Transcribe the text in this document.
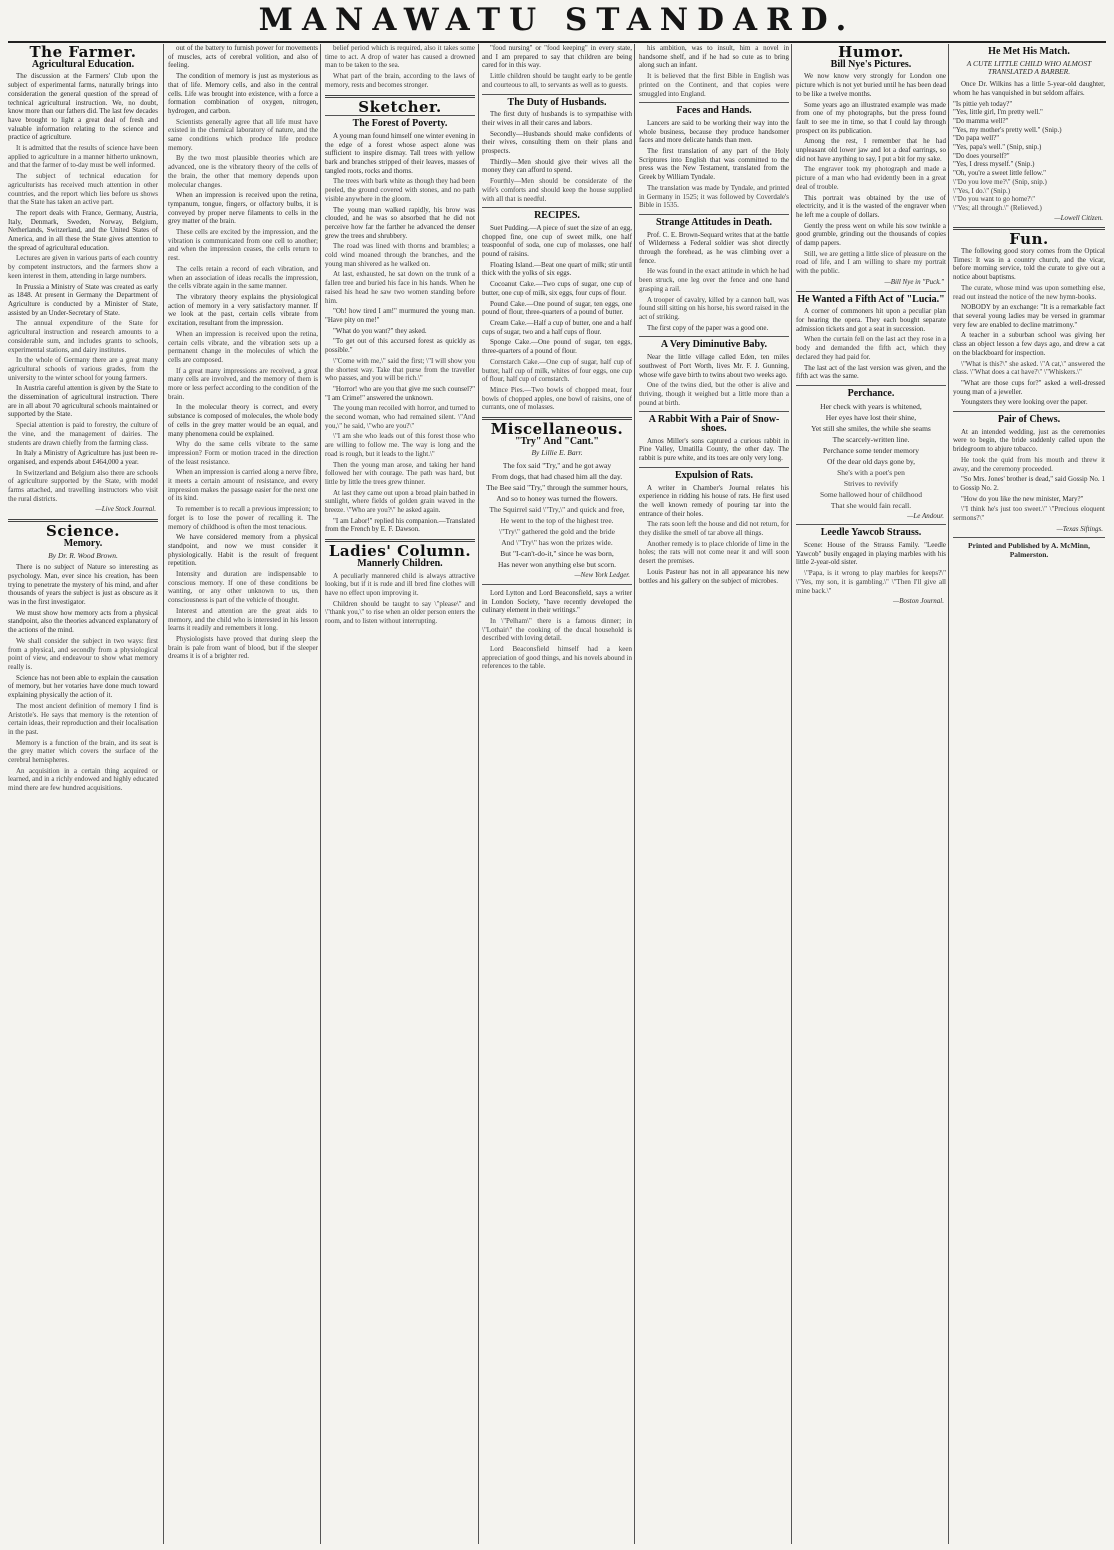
MANAWATU STANDARD.
The Farmer.
Agricultural Education.

The discussion at the Farmers' Club upon the subject of experimental farms, naturally brings into consideration the general question of the spread of technical agricultural instruction. We, no doubt, know more than our fathers did. The last few decades have brought to light a great deal of fresh and valuable information relating to the science and practice of agriculture.

It is admitted that the results of science have been applied to agriculture in a manner hitherto unknown, and that the farmer of to-day must be well informed.

The subject of technical education for agriculturists has received much attention in other countries, and the report which lies before us shows that the State has taken an active part.

The report deals with France, Germany, Austria, Italy, Denmark, Sweden, Norway, Belgium, Netherlands, Switzerland, and the United States of America, and in all these the State gives attention to the spread of agricultural education.

Lectures are given in various parts of each country by competent instructors, and the farmers show a keen interest in them, attending in large numbers.

In Prussia a Ministry of State was created as early as 1848. At present in Germany the Department of Agriculture is conducted by a Minister of State, assisted by an Under-Secretary of State.

The annual expenditure of the State for agricultural instruction and research amounts to a considerable sum, and includes grants to schools, experimental stations, and dairy institutes.

In the whole of Germany there are a great many agricultural schools of various grades, from the university to the winter school for young farmers.

In Austria careful attention is given by the State to the dissemination of agricultural instruction. There are in all about 70 agricultural schools maintained or supported by the State.

Special attention is paid to forestry, the culture of the vine, and the management of dairies. The students are drawn chiefly from the farming class.

In Italy a Ministry of Agriculture has just been re-organised, and expends about £464,000 a year.

In Switzerland and Belgium also there are schools of agriculture supported by the State, with model farms attached, and travelling instructors who visit the rural districts.

—Live Stock Journal.
Science.
Memory.
By Dr. R. Wood Brown.

There is no subject of Nature so interesting as psychology. Man, ever since his creation, has been trying to penetrate the mystery of his mind, and after thousands of years the subject is just as obscure as it was in the first investigator.

We must show how memory acts from a physical standpoint, also the theories advanced explanatory of the actions of the mind.

We shall consider the subject in two ways: first from a physical, and secondly from a physiological point of view, and endeavour to show what memory really is.

Science has not been able to explain the causation of memory, but her votaries have done much toward explaining physically the action of it.

The most ancient definition of memory I find is Aristotle's. He says that memory is the retention of certain ideas, their reproduction and their localisation in the past.

Memory is a function of the brain, and its seat is the grey matter which covers the surface of the cerebral hemispheres.

An acquisition in a certain thing acquired or learned, and in a richly endowed and highly educated mind there are few hundred acquisitions.

out of the battery to furnish power for movements of muscles, acts of cerebral volition, and also of feeling.

The condition of memory is just as mysterious as that of life. Memory cells, and also in the central cells. Life was brought into existence, with a force a formation combination of oxygen, nitrogen, hydrogen, and carbon.

Scientists generally agree that all life must have existed in the chemical laboratory of nature, and the same conditions which produce life produce memory.

By the two most plausible theories which are advanced, one is the vibratory theory of the cells of the brain, the other that memory depends upon molecular changes.

When an impression is received upon the retina, tympanum, tongue, fingers, or olfactory bulbs, it is conveyed by proper nerve filaments to cells in the grey matter of the brain.

These cells are excited by the impression, and the vibration is communicated from one cell to another; and when the impression ceases, the cells return to rest.

The cells retain a record of each vibration, and when an association of ideas recalls the impression, the cells vibrate again in the same manner.

The vibratory theory explains the physiological action of memory in a very satisfactory manner. If we look at the past, certain cells vibrate from excitation, resultant from the impression.

When an impression is received upon the retina, certain cells vibrate, and the vibration sets up a permanent change in the molecules of which the cells are composed.

If a great many impressions are received, a great many cells are involved, and the memory of them is more or less perfect according to the condition of the brain.

In the molecular theory is correct, and every substance is composed of molecules, the whole body of cells in the grey matter would be an equal, and many phenomena could be explained.

Why do the same cells vibrate to the same impression? Form or motion traced in the direction of the least resistance.

When an impression is carried along a nerve fibre, it meets a certain amount of resistance, and every impression makes the passage easier for the next one of its kind.

To remember is to recall a previous impression; to forget is to lose the power of recalling it. The memory of childhood is often the most tenacious.

We have considered memory from a physical standpoint, and now we must consider it physiologically. Habit is the result of frequent repetition.

Intensity and duration are indispensable to conscious memory. If one of these conditions be wanting, or any other unknown to us, then consciousness is part of the vehicle of thought.

Interest and attention are the great aids to memory, and the child who is interested in his lesson learns it readily and remembers it long.

Physiologists have proved that during sleep the brain is pale from want of blood, but if the sleeper dreams it is of a brighter red.

belief period which is required, also it takes some time to act. A drop of water has caused a drowned man to be taken to the sea.

What part of the brain, according to the laws of memory, rests and becomes stronger.

Sketcher.
The Forest of Poverty.

A young man found himself one winter evening in the edge of a forest whose aspect alone was sufficient to inspire dismay. Tall trees with yellow bark and branches stripped of their leaves, masses of tangled roots, rocks and thorns.

The trees with bark white as though they had been peeled, the ground covered with stones, and no path visible anywhere in the gloom.

The young man walked rapidly, his brow was clouded, and he was so absorbed that he did not perceive how far the farther he advanced the denser grew the trees and shrubbery.

The road was lined with thorns and brambles; a cold wind moaned through the branches, and the young man shivered as he walked on.

At last, exhausted, he sat down on the trunk of a fallen tree and buried his face in his hands. When he raised his head he saw two women standing before him.

"Oh! how tired I am!" murmured the young man. "Have pity on me!"

"What do you want?" they asked.

"To get out of this accursed forest as quickly as possible."

\"Come with me,\" said the first; \"I will show you the shortest way. Take that purse from the traveller who passes, and you will be rich.\"

"Horror! who are you that give me such counsel?" "I am Crime!" answered the unknown.

The young man recoiled with horror, and turned to the second woman, who had remained silent. \"And you,\" he said, \"who are you?\"

\"I am she who leads out of this forest those who are willing to follow me. The way is long and the road is rough, but it leads to the light.\"

Then the young man arose, and taking her hand followed her with courage. The path was hard, but little by little the trees grew thinner.

At last they came out upon a broad plain bathed in sunlight, where fields of golden grain waved in the breeze. \"Who are you?\" he asked again.

"I am Labor!" replied his companion.—Translated from the French by E. F. Dawson.

Ladies' Column.
Mannerly Children.

A peculiarly mannered child is always attractive looking, but if it is rude and ill bred fine clothes will have no effect upon improving it.

Children should be taught to say \"please\" and \"thank you,\" to rise when an older person enters the room, and to listen without interrupting.

"food nursing" or "food keeping" in every state, and I am prepared to say that children are being cared for in this way.

Little children should be taught early to be gentle and courteous to all, to servants as well as to guests.

The Duty of Husbands.

The first duty of husbands is to sympathise with their wives in all their cares and labors.

Secondly—Husbands should make confidents of their wives, consulting them on their plans and prospects.

Thirdly—Men should give their wives all the money they can afford to spend.

Fourthly—Men should be considerate of the wife's comforts and should keep the house supplied with all that is needful.

RECIPES.

Suet Pudding.—A piece of suet the size of an egg, chopped fine, one cup of sweet milk, one half teaspoonful of soda, one cup of molasses, one half pound of raisins.

Floating Island.—Beat one quart of milk; stir until thick with the yolks of six eggs.

Cocoanut Cake.—Two cups of sugar, one cup of butter, one cup of milk, six eggs, four cups of flour.

Pound Cake.—One pound of sugar, ten eggs, one pound of flour, three-quarters of a pound of butter.

Cream Cake.—Half a cup of butter, one and a half cups of sugar, two and a half cups of flour.

Sponge Cake.—One pound of sugar, ten eggs, three-quarters of a pound of flour.

Cornstarch Cake.—One cup of sugar, half cup of butter, half cup of milk, whites of four eggs, one cup of flour, half cup of cornstarch.

Mince Pies.—Two bowls of chopped meat, four bowls of chopped apples, one bowl of raisins, one of currants, one of molasses.

Miscellaneous.
"Try" And "Cant."
By Lillie E. Barr.
The fox said "Try," and he got away
From dogs, that had chased him all the day.
The Bee said "Try," through the summer hours,
And so to honey was turned the flowers.
The Squirrel said \"Try,\" and quick and free,
He went to the top of the highest tree.
\"Try\" gathered the gold and the bride
And \"Try\" has won the prizes wide.
But "I-can't-do-it," since he was born,
Has never won anything else but scorn.
—New York Ledger.

Lord Lytton and Lord Beaconsfield, says a writer in London Society, "have recently developed the culinary element in their writings."

In \"Pelham\" there is a famous dinner; in \"Lothair\" the cooking of the ducal household is described with loving detail.

Lord Beaconsfield himself had a keen appreciation of good things, and his novels abound in references to the table.

his ambition, was to insult, him a novel in handsome shelf, and if he had so cute as to bring along such an infant.

It is believed that the first Bible in English was printed on the Continent, and that copies were smuggled into England.

Faces and Hands.

Lancers are said to be working their way into the whole business, because they produce handsomer faces and more delicate hands than men.

The first translation of any part of the Holy Scriptures into English that was committed to the press was the New Testament, translated from the Greek by William Tyndale.

The translation was made by Tyndale, and printed in Germany in 1525; it was followed by Coverdale's Bible in 1535.

Strange Attitudes in Death.

Prof. C. E. Brown-Sequard writes that at the battle of Wilderness a Federal soldier was shot directly through the forehead, as he was climbing over a fence.

He was found in the exact attitude in which he had been struck, one leg over the fence and one hand grasping a rail.

A trooper of cavalry, killed by a cannon ball, was found still sitting on his horse, his sword raised in the act of striking.

The first copy of the paper was a good one.

A Very Diminutive Baby.

Near the little village called Eden, ten miles southwest of Port Worth, lives Mr. F. J. Gunning, whose wife gave birth to twins about two weeks ago.

One of the twins died, but the other is alive and thriving, though it weighed but a little more than a pound at birth.

A Rabbit With a Pair of Snow-shoes.

Amos Miller's sons captured a curious rabbit in Pine Valley, Umatilla County, the other day. The rabbit is pure white, and its toes are only very long.

Expulsion of Rats.

A writer in Chamber's Journal relates his experience in ridding his house of rats. He first used the well known remedy of pouring tar into the entrance of their holes.

The rats soon left the house and did not return, for they dislike the smell of tar above all things.

Another remedy is to place chloride of lime in the holes; the rats will not come near it and will soon desert the premises.

Louis Pasteur has not in all appearance his new bottles and his gallery on the subject of microbes.

Humor.
Bill Nye's Pictures.

We now know very strongly for London one picture which is not yet buried until he has been dead to be like a twelve months.

Some years ago an illustrated example was made from one of my photographs, but the press found fault to see me in time, so that I could lay through prospect on its publication.

Among the rest, I remember that he had unpleasant old lower jaw and lot a deaf earrings, so did not have anything to say, I put a bit for my sake.

The engraver took my photograph and made a picture of a man who had evidently been in a great deal of trouble.

This portrait was obtained by the use of electricity, and it is the wasted of the engraver when he left me a couple of dollars.

Gently the press went on while his sow twinkle a good grumble, grinding out the thousands of copies of damp papers.

Still, we are getting a little slice of pleasure on the road of life, and I am willing to share my portrait with the public.

—Bill Nye in "Puck."
He Wanted a Fifth Act of "Lucia."

A corner of commoners hit upon a peculiar plan for hearing the opera. They each bought separate admission tickets and got a seat in succession.

When the curtain fell on the last act they rose in a body and demanded the fifth act, which they declared they had paid for.

The last act of the last version was given, and the fifth act was the same.

Perchance.
Her check with years is whitened,
Her eyes have lost their shine,
Yet still she smiles, the while she seams
The scarcely-written line.
Perchance some tender memory
Of the dear old days gone by,
She's with a poet's pen
Strives to revivify
Some hallowed hour of childhood
That she would fain recall.
—Le Andour.
Leedle Yawcob Strauss.

Scene: House of the Strauss Family. "Leedle Yawcob" busily engaged in playing marbles with his little 2-year-old sister.

\"Papa, is it wrong to play marbles for keeps?\" \"Yes, my son, it is gambling.\" \"Then I'll give all mine back.\"

—Boston Journal.
He Met His Match.
A CUTE LITTLE CHILD WHO ALMOST TRANSLATED A BARBER.

Once Dr. Wilkins has a little 5-year-old daughter, whom he has vanquished in but seldom affairs.

"Is pittie yeh today?"
"Yes, little girl, I'm pretty well."
"Do mamma well?"
"Yes, my mother's pretty well." (Snip.)
"Do papa well?"
"Yes, papa's well." (Snip, snip.)
"Do does yourself?"
"Yes, I dress myself." (Snip.)
"Oh, you're a sweet little fellow."
\"Do you love me?\" (Snip, snip.)
\"Yes, I do.\" (Snip.)
\"Do you want to go home?\"
\"Yes; all through.\" (Relieved.)
—Lowell Citizen.
Fun.

The following good story comes from the Optical Times: It was in a country church, and the vicar, before morning service, told the curate to give out a notice about baptisms.

The curate, whose mind was upon something else, read out instead the notice of the new hymn-books.

NOBODY by an exchange: "It is a remarkable fact that several young ladies may be versed in grammar very few are enabled to decline matrimony."

A teacher in a suburban school was giving her class an object lesson a few days ago, and drew a cat on the blackboard for inspection.

\"What is this?\" she asked. \"A cat,\" answered the class. \"What does a cat have?\" \"Whiskers.\"

"What are those cups for?" asked a well-dressed young man of a jeweller.

Youngsters they were looking over the paper.

Pair of Chews.

At an intended wedding, just as the ceremonies were to begin, the bride suddenly called upon the bridegroom to abjure tobacco.

He took the quid from his mouth and threw it away, and the ceremony proceeded.

"So Mrs. Jones' brother is dead," said Gossip No. 1 to Gossip No. 2.

"How do you like the new minister, Mary?"

\"I think he's just too sweet.\" \"Precious eloquent sermons?\"

—Texas Siftings.
Printed and Published by A. McMinn, Palmerston.
